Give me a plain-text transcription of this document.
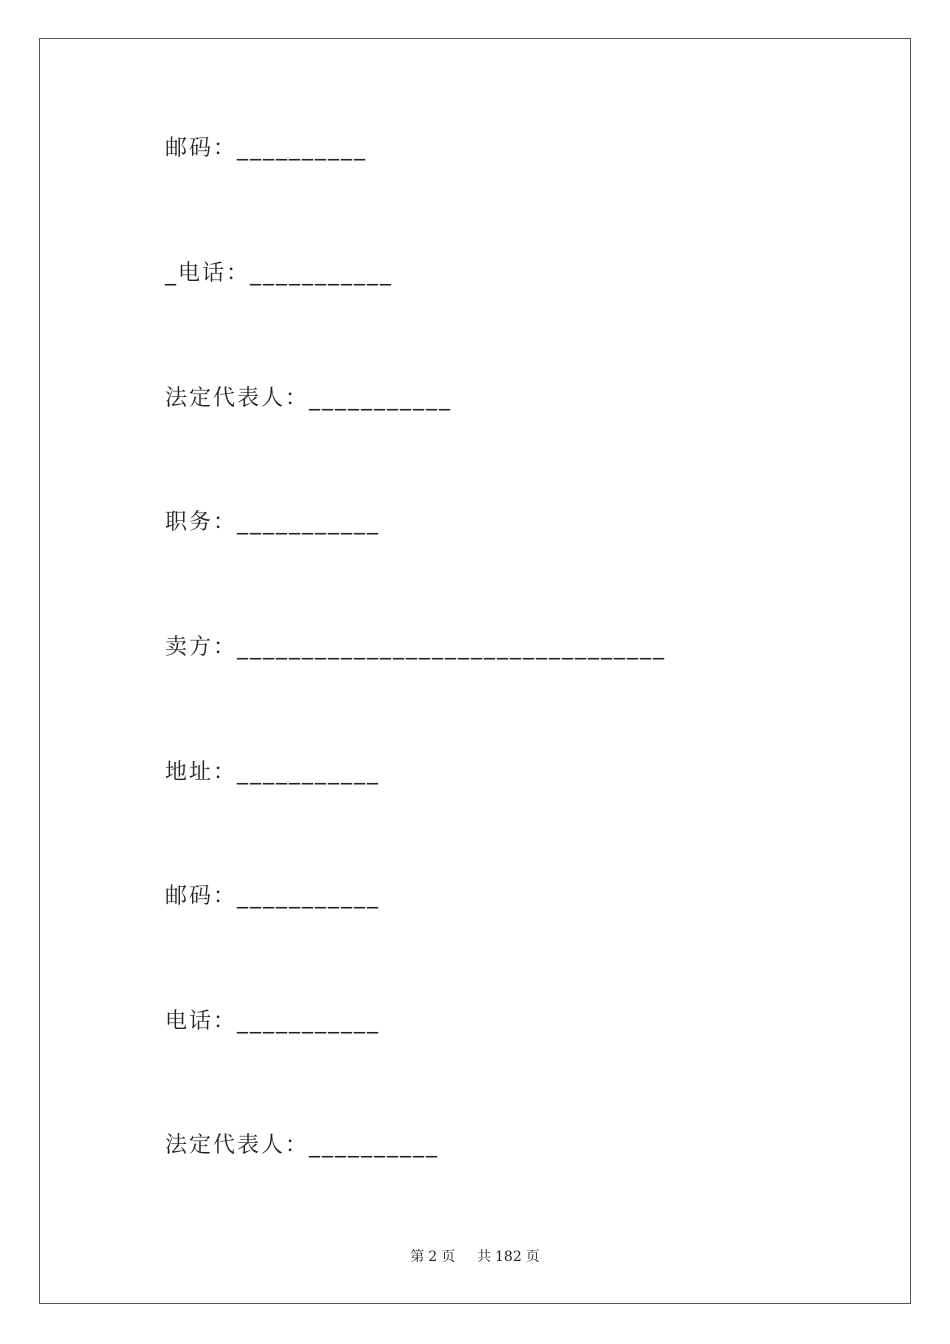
邮码：__________
_电话：___________
法定代表人：___________
职务：___________
卖方：_________________________________
地址：___________
邮码：___________
电话：___________
法定代表人：__________
第 2 页 共 182 页
